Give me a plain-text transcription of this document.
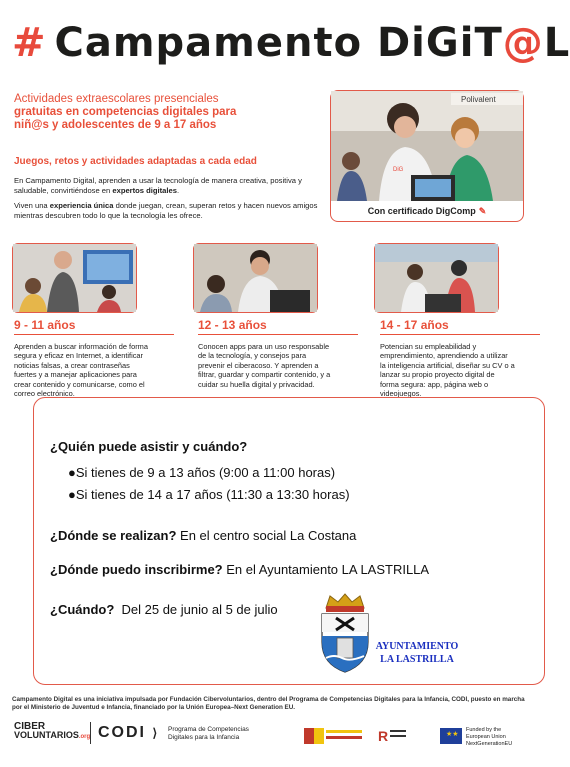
# Campamento DiGiT@L
Actividades extraescolares presenciales
gratuitas en competencias digitales para
niñ@s y adolescentes de 9 a 17 años
Juegos, retos y actividades adaptadas a cada edad
En Campamento Digital, aprenden a usar la tecnología de manera creativa, positiva y saludable, convirtiéndose en expertos digitales.
Viven una experiencia única donde juegan, crean, superan retos y hacen nuevos amigos mientras descubren todo lo que la tecnología les ofrece.
Polivalent
DiG
Con certificado DigComp ✎
9 - 11 años
Aprenden a buscar información de forma segura y eficaz en Internet, a identificar noticias falsas, a crear contraseñas fuertes y a manejar aplicaciones para crear contenido y comunicarse, como el correo electrónico.
12 - 13 años
Conocen apps para un uso responsable de la tecnología, y consejos para prevenir el ciberacoso. Y aprenden a filtrar, guardar y compartir contenido, y a cuidar su huella digital y privacidad.
14 - 17 años
Potencian su empleabilidad y emprendimiento, aprendiendo a utilizar la inteligencia artificial, diseñar su CV o a lanzar su propio proyecto digital de forma segura: app, página web o videojuegos.
¿Quién puede asistir y cuándo?
●Si tienes de 9 a 13 años (9:00 a 11:00 horas)
●Si tienes de 14 a 17 años (11:30 a 13:30 horas)
¿Dónde se realizan? En el centro social La Costana
¿Dónde puedo inscribirme? En el Ayuntamiento LA LASTRILLA
¿Cuándo? Del 25 de junio al 5 de julio
AYUNTAMIENTO
LA LASTRILLA
Campamento Digital es una iniciativa impulsada por Fundación Cibervoluntarios, dentro del Programa de Competencias Digitales para la Infancia, CODI, puesto en marcha por el Ministerio de Juventud e Infancia, financiado por la Unión Europea–Next Generation EU.
CIBER
VOLUNTARIOS.org CODI ⟩ Programa de Competencias
Digitales para la Infancia	R	★★
Funded by the
European Union
NextGenerationEU
